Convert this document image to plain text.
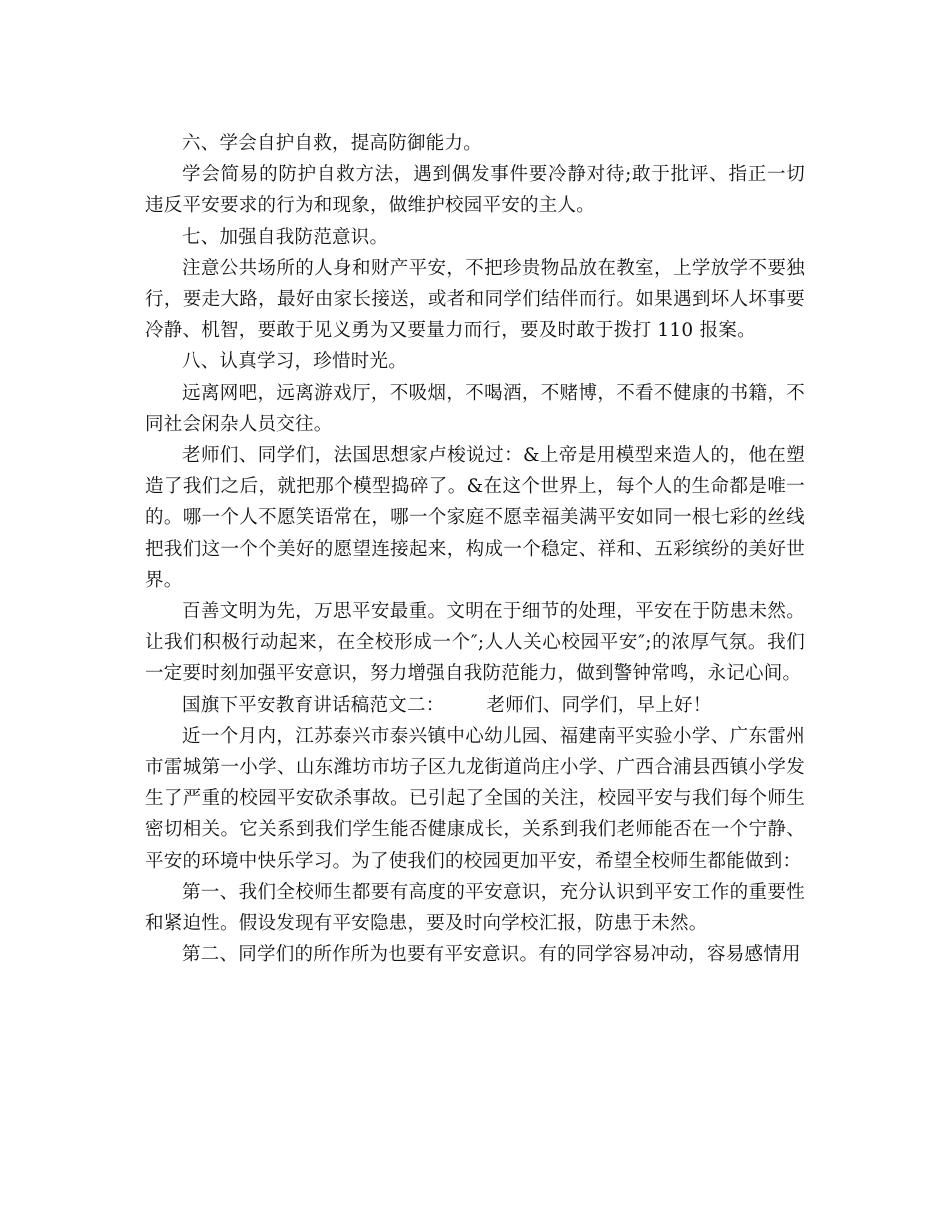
六、学会自护自救，提高防御能力。

学会简易的防护自救方法，遇到偶发事件要冷静对待;敢于批评、指正一切违反平安要求的行为和现象，做维护校园平安的主人。

七、加强自我防范意识。

注意公共场所的人身和财产平安，不把珍贵物品放在教室，上学放学不要独行，要走大路，最好由家长接送，或者和同学们结伴而行。如果遇到坏人坏事要冷静、机智，要敢于见义勇为又要量力而行，要及时敢于拨打 110 报案。

八、认真学习，珍惜时光。

远离网吧，远离游戏厅，不吸烟，不喝酒，不赌博，不看不健康的书籍，不同社会闲杂人员交往。

老师们、同学们，法国思想家卢梭说过：&上帝是用模型来造人的，他在塑造了我们之后，就把那个模型捣碎了。&在这个世界上，每个人的生命都是唯一的。哪一个人不愿笑语常在，哪一个家庭不愿幸福美满平安如同一根七彩的丝线把我们这一个个美好的愿望连接起来，构成一个稳定、祥和、五彩缤纷的美好世界。

百善文明为先，万思平安最重。文明在于细节的处理，平安在于防患未然。让我们积极行动起来，在全校形成一个″;人人关心校园平安″;的浓厚气氛。我们一定要时刻加强平安意识，努力增强自我防范能力，做到警钟常鸣，永记心间。

国旗下平安教育讲话稿范文二： 老师们、同学们，早上好！

近一个月内，江苏泰兴市泰兴镇中心幼儿园、福建南平实验小学、广东雷州市雷城第一小学、山东潍坊市坊子区九龙街道尚庄小学、广西合浦县西镇小学发生了严重的校园平安砍杀事故。已引起了全国的关注，校园平安与我们每个师生密切相关。它关系到我们学生能否健康成长，关系到我们老师能否在一个宁静、平安的环境中快乐学习。为了使我们的校园更加平安，希望全校师生都能做到：

第一、我们全校师生都要有高度的平安意识，充分认识到平安工作的重要性和紧迫性。假设发现有平安隐患，要及时向学校汇报，防患于未然。

第二、同学们的所作所为也要有平安意识。有的同学容易冲动，容易感情用
